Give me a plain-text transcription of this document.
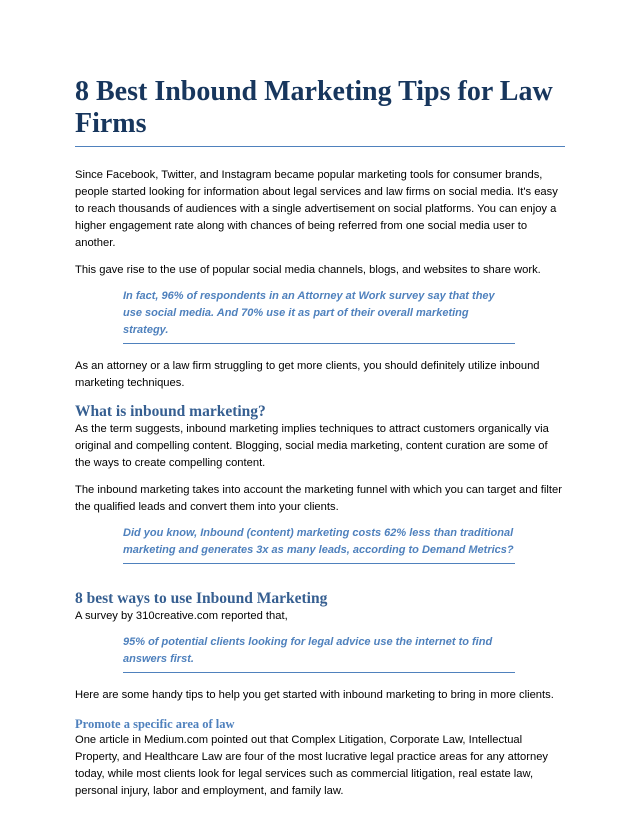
8 Best Inbound Marketing Tips for Law Firms

Since Facebook, Twitter, and Instagram became popular marketing tools for consumer brands, people started looking for information about legal services and law firms on social media. It's easy to reach thousands of audiences with a single advertisement on social platforms. You can enjoy a higher engagement rate along with chances of being referred from one social media user to another.

This gave rise to the use of popular social media channels, blogs, and websites to share work.

In fact, 96% of respondents in an Attorney at Work survey say that they use social media. And 70% use it as part of their overall marketing strategy.

As an attorney or a law firm struggling to get more clients, you should definitely utilize inbound marketing techniques.

What is inbound marketing?

As the term suggests, inbound marketing implies techniques to attract customers organically via original and compelling content. Blogging, social media marketing, content curation are some of the ways to create compelling content.

The inbound marketing takes into account the marketing funnel with which you can target and filter the qualified leads and convert them into your clients.

Did you know, Inbound (content) marketing costs 62% less than traditional marketing and generates 3x as many leads, according to Demand Metrics?
8 best ways to use Inbound Marketing

A survey by 310creative.com reported that,

95% of potential clients looking for legal advice use the internet to find answers first.

Here are some handy tips to help you get started with inbound marketing to bring in more clients.

Promote a specific area of law

One article in Medium.com pointed out that Complex Litigation, Corporate Law, Intellectual Property, and Healthcare Law are four of the most lucrative legal practice areas for any attorney today, while most clients look for legal services such as commercial litigation, real estate law, personal injury, labor and employment, and family law.
